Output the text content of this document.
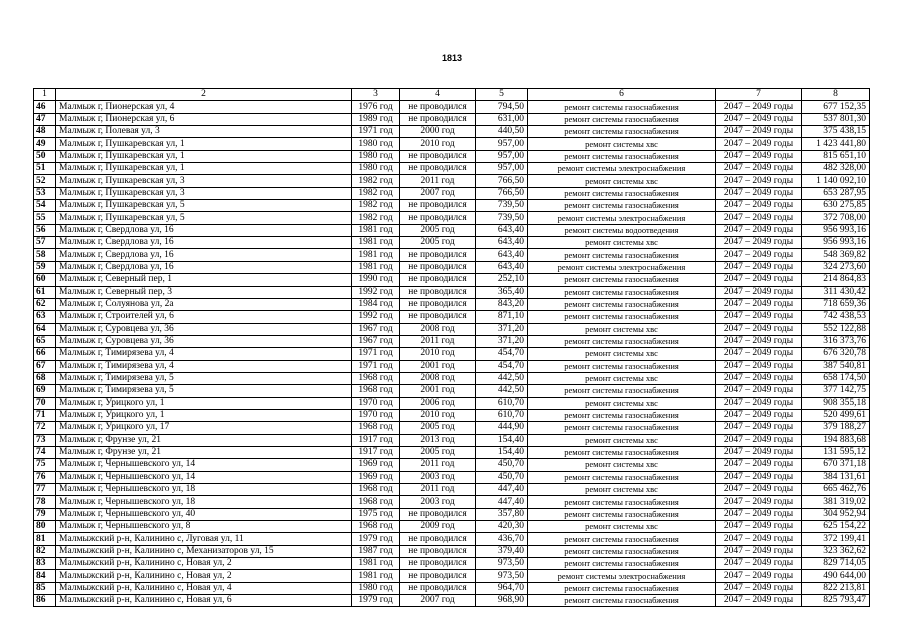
1813
1	2	3	4	5	6	7	8
46	Малмыж г, Пионерская ул, 4	1976 год	не проводился	794,50	ремонт системы газоснабжения	2047 – 2049 годы	677 152,35
47	Малмыж г, Пионерская ул, 6	1989 год	не проводился	631,00	ремонт системы газоснабжения	2047 – 2049 годы	537 801,30
48	Малмыж г, Полевая ул, 3	1971 год	2000 год	440,50	ремонт системы газоснабжения	2047 – 2049 годы	375 438,15
49	Малмыж г, Пушкаревская ул, 1	1980 год	2010 год	957,00	ремонт системы хвс	2047 – 2049 годы	1 423 441,80
50	Малмыж г, Пушкаревская ул, 1	1980 год	не проводился	957,00	ремонт системы газоснабжения	2047 – 2049 годы	815 651,10
51	Малмыж г, Пушкаревская ул, 1	1980 год	не проводился	957,00	ремонт системы электроснабжения	2047 – 2049 годы	482 328,00
52	Малмыж г, Пушкаревская ул, 3	1982 год	2011 год	766,50	ремонт системы хвс	2047 – 2049 годы	1 140 092,10
53	Малмыж г, Пушкаревская ул, 3	1982 год	2007 год	766,50	ремонт системы газоснабжения	2047 – 2049 годы	653 287,95
54	Малмыж г, Пушкаревская ул, 5	1982 год	не проводился	739,50	ремонт системы газоснабжения	2047 – 2049 годы	630 275,85
55	Малмыж г, Пушкаревская ул, 5	1982 год	не проводился	739,50	ремонт системы электроснабжения	2047 – 2049 годы	372 708,00
56	Малмыж г, Свердлова ул, 16	1981 год	2005 год	643,40	ремонт системы водоотведения	2047 – 2049 годы	956 993,16
57	Малмыж г, Свердлова ул, 16	1981 год	2005 год	643,40	ремонт системы хвс	2047 – 2049 годы	956 993,16
58	Малмыж г, Свердлова ул, 16	1981 год	не проводился	643,40	ремонт системы газоснабжения	2047 – 2049 годы	548 369,82
59	Малмыж г, Свердлова ул, 16	1981 год	не проводился	643,40	ремонт системы электроснабжения	2047 – 2049 годы	324 273,60
60	Малмыж г, Северный пер, 1	1990 год	не проводился	252,10	ремонт системы газоснабжения	2047 – 2049 годы	214 864,83
61	Малмыж г, Северный пер, 3	1992 год	не проводился	365,40	ремонт системы газоснабжения	2047 – 2049 годы	311 430,42
62	Малмыж г, Солуянова ул, 2а	1984 год	не проводился	843,20	ремонт системы газоснабжения	2047 – 2049 годы	718 659,36
63	Малмыж г, Строителей ул, 6	1992 год	не проводился	871,10	ремонт системы газоснабжения	2047 – 2049 годы	742 438,53
64	Малмыж г, Суровцева ул, 36	1967 год	2008 год	371,20	ремонт системы хвс	2047 – 2049 годы	552 122,88
65	Малмыж г, Суровцева ул, 36	1967 год	2011 год	371,20	ремонт системы газоснабжения	2047 – 2049 годы	316 373,76
66	Малмыж г, Тимирязева ул, 4	1971 год	2010 год	454,70	ремонт системы хвс	2047 – 2049 годы	676 320,78
67	Малмыж г, Тимирязева ул, 4	1971 год	2001 год	454,70	ремонт системы газоснабжения	2047 – 2049 годы	387 540,81
68	Малмыж г, Тимирязева ул, 5	1968 год	2008 год	442,50	ремонт системы хвс	2047 – 2049 годы	658 174,50
69	Малмыж г, Тимирязева ул, 5	1968 год	2001 год	442,50	ремонт системы газоснабжения	2047 – 2049 годы	377 142,75
70	Малмыж г, Урицкого ул, 1	1970 год	2006 год	610,70	ремонт системы хвс	2047 – 2049 годы	908 355,18
71	Малмыж г, Урицкого ул, 1	1970 год	2010 год	610,70	ремонт системы газоснабжения	2047 – 2049 годы	520 499,61
72	Малмыж г, Урицкого ул, 17	1968 год	2005 год	444,90	ремонт системы газоснабжения	2047 – 2049 годы	379 188,27
73	Малмыж г, Фрунзе ул, 21	1917 год	2013 год	154,40	ремонт системы хвс	2047 – 2049 годы	194 883,68
74	Малмыж г, Фрунзе ул, 21	1917 год	2005 год	154,40	ремонт системы газоснабжения	2047 – 2049 годы	131 595,12
75	Малмыж г, Чернышевского ул, 14	1969 год	2011 год	450,70	ремонт системы хвс	2047 – 2049 годы	670 371,18
76	Малмыж г, Чернышевского ул, 14	1969 год	2003 год	450,70	ремонт системы газоснабжения	2047 – 2049 годы	384 131,61
77	Малмыж г, Чернышевского ул, 18	1968 год	2011 год	447,40	ремонт системы хвс	2047 – 2049 годы	665 462,76
78	Малмыж г, Чернышевского ул, 18	1968 год	2003 год	447,40	ремонт системы газоснабжения	2047 – 2049 годы	381 319,02
79	Малмыж г, Чернышевского ул, 40	1975 год	не проводился	357,80	ремонт системы газоснабжения	2047 – 2049 годы	304 952,94
80	Малмыж г, Чернышевского ул, 8	1968 год	2009 год	420,30	ремонт системы хвс	2047 – 2049 годы	625 154,22
81	Малмыжский р-н, Калинино с, Луговая ул, 11	1979 год	не проводился	436,70	ремонт системы газоснабжения	2047 – 2049 годы	372 199,41
82	Малмыжский р-н, Калинино с, Механизаторов ул, 15	1987 год	не проводился	379,40	ремонт системы газоснабжения	2047 – 2049 годы	323 362,62
83	Малмыжский р-н, Калинино с, Новая ул, 2	1981 год	не проводился	973,50	ремонт системы газоснабжения	2047 – 2049 годы	829 714,05
84	Малмыжский р-н, Калинино с, Новая ул, 2	1981 год	не проводился	973,50	ремонт системы электроснабжения	2047 – 2049 годы	490 644,00
85	Малмыжский р-н, Калинино с, Новая ул, 4	1980 год	не проводился	964,70	ремонт системы газоснабжения	2047 – 2049 годы	822 213,81
86	Малмыжский р-н, Калинино с, Новая ул, 6	1979 год	2007 год	968,90	ремонт системы газоснабжения	2047 – 2049 годы	825 793,47
